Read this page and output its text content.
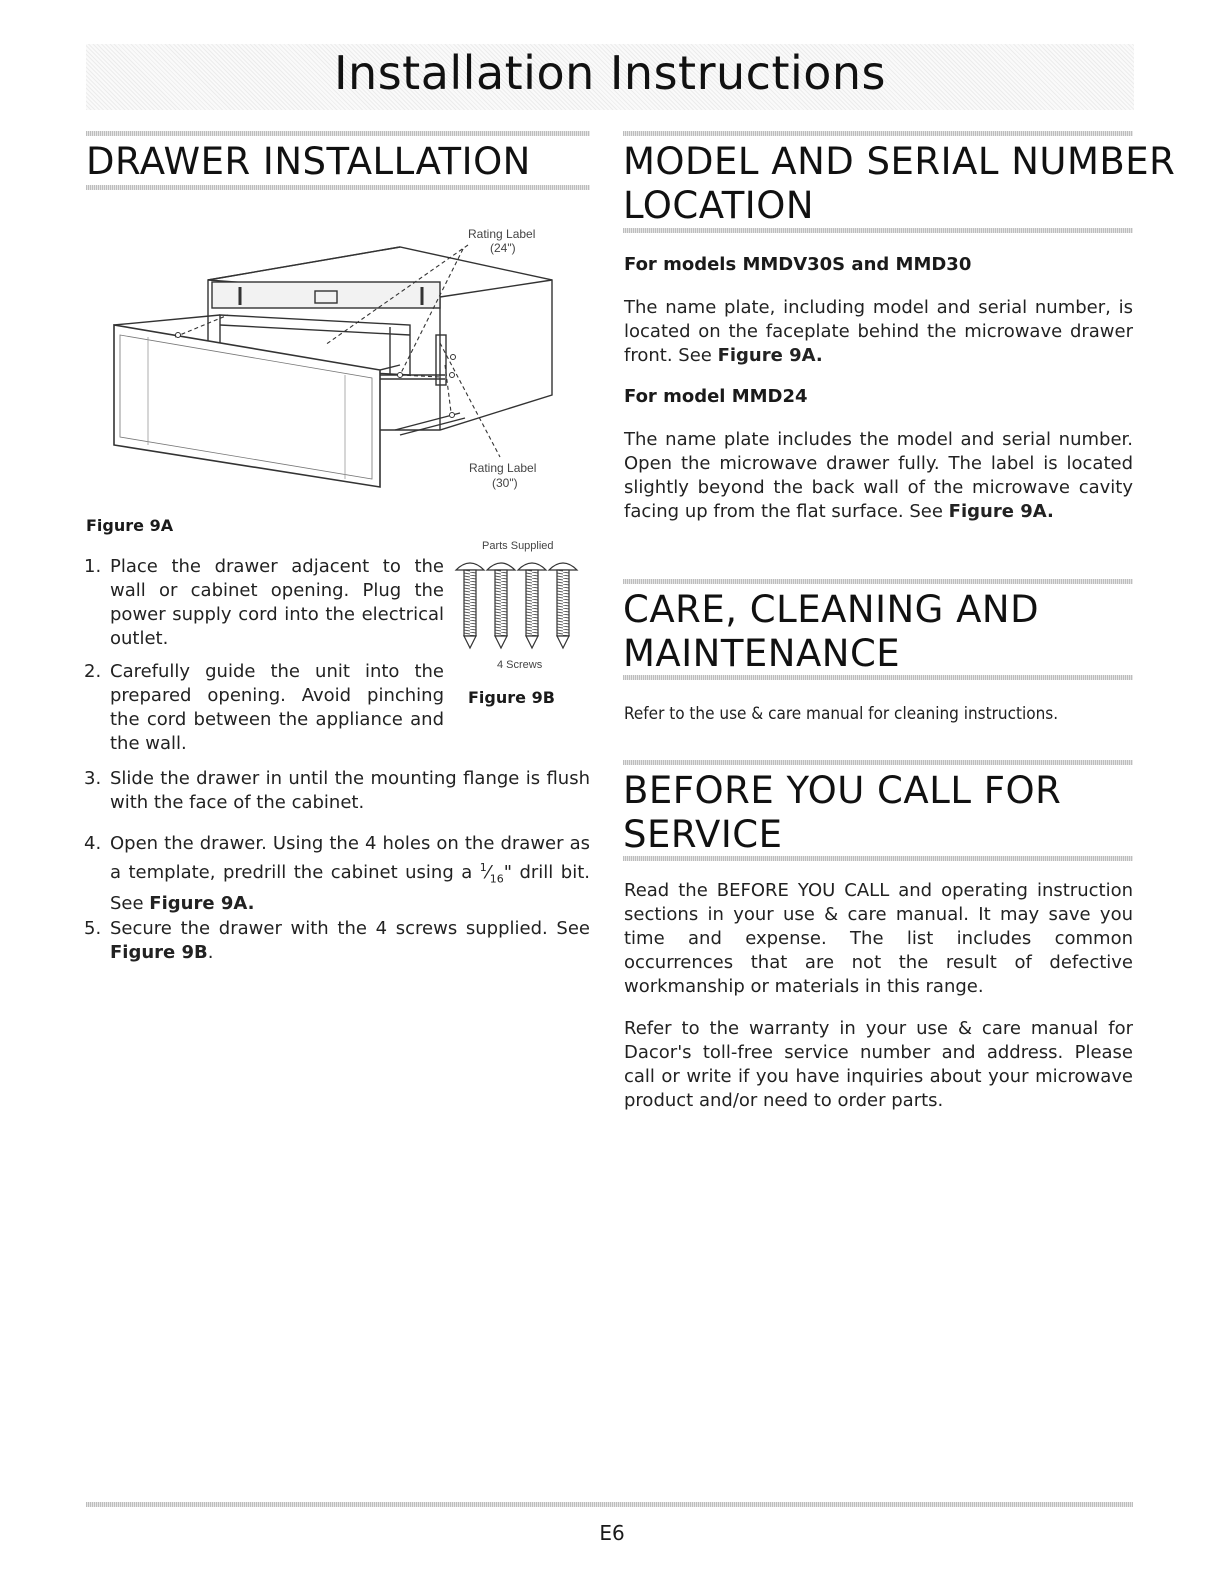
Installation Instructions
DRAWER INSTALLATION
Rating Label
(24")
Rating Label
(30")
Figure 9A
Parts Supplied
4 Screws
Figure 9B
1. Place the drawer adjacent to the wall or cabinet opening. Plug the power supply cord into the electrical outlet.
2. Carefully guide the unit into the prepared opening. Avoid pinching the cord between the appliance and the wall.
3. Slide the drawer in until the mounting flange is flush with the face of the cabinet.
4. Open the drawer. Using the 4 holes on the drawer as a template, predrill the cabinet using a $^1⁄_{16}$" drill bit. See Figure 9A.
5. Secure the drawer with the 4 screws supplied. See Figure 9B.
MODEL AND SERIAL NUMBER
LOCATION
For models MMDV30S and MMD30

The name plate, including model and serial number, is located on the faceplate behind the microwave drawer front. See Figure 9A.

For model MMD24

The name plate includes the model and serial number. Open the microwave drawer fully. The label is located slightly beyond the back wall of the microwave cavity facing up from the flat surface. See Figure 9A.

CARE, CLEANING AND
MAINTENANCE

Refer to the use & care manual for cleaning instructions.

BEFORE YOU CALL FOR
SERVICE

Read the BEFORE YOU CALL and operating instruction sections in your use & care manual. It may save you time and expense. The list includes common occurrences that are not the result of defective workmanship or materials in this range.

Refer to the warranty in your use & care manual for Dacor's toll-free service number and address. Please call or write if you have inquiries about your microwave product and/or need to order parts.

E6
